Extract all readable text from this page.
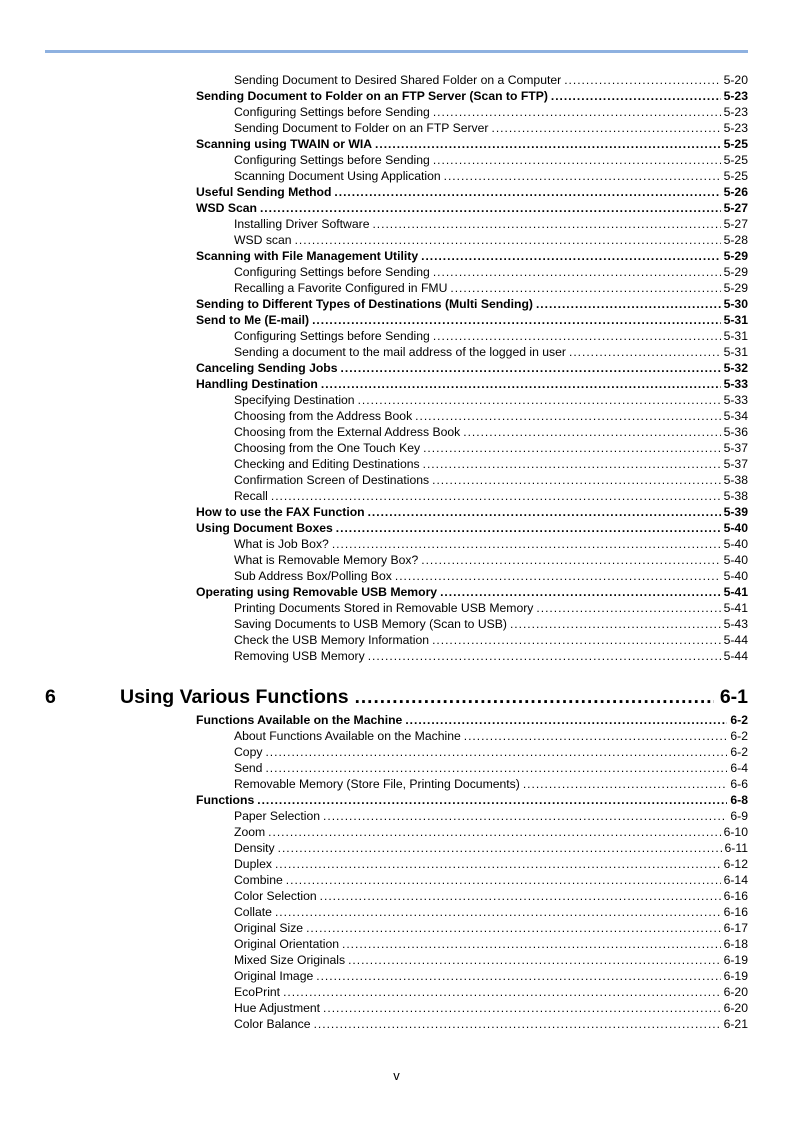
Sending Document to Desired Shared Folder on a Computer .....	5-20
Sending Document to Folder on an FTP Server (Scan to FTP) .....	5-23
Configuring Settings before Sending .....	5-23
Sending Document to Folder on an FTP Server .....	5-23
Scanning using TWAIN or WIA .....	5-25
Configuring Settings before Sending .....	5-25
Scanning Document Using Application .....	5-25
Useful Sending Method .....	5-26
WSD Scan .....	5-27
Installing Driver Software .....	5-27
WSD scan .....	5-28
Scanning with File Management Utility .....	5-29
Configuring Settings before Sending .....	5-29
Recalling a Favorite Configured in FMU .....	5-29
Sending to Different Types of Destinations (Multi Sending) .....	5-30
Send to Me (E-mail) .....	5-31
Configuring Settings before Sending .....	5-31
Sending a document to the mail address of the logged in user .....	5-31
Canceling Sending Jobs .....	5-32
Handling Destination .....	5-33
Specifying Destination .....	5-33
Choosing from the Address Book .....	5-34
Choosing from the External Address Book .....	5-36
Choosing from the One Touch Key .....	5-37
Checking and Editing Destinations .....	5-37
Confirmation Screen of Destinations .....	5-38
Recall .....	5-38
How to use the FAX Function .....	5-39
Using Document Boxes .....	5-40
What is Job Box? .....	5-40
What is Removable Memory Box? .....	5-40
Sub Address Box/Polling Box .....	5-40
Operating using Removable USB Memory .....	5-41
Printing Documents Stored in Removable USB Memory .....	5-41
Saving Documents to USB Memory (Scan to USB) .....	5-43
Check the USB Memory Information .....	5-44
Removing USB Memory .....	5-44
6	Using Various Functions .....	6-1
Functions Available on the Machine .....	6-2
About Functions Available on the Machine .....	6-2
Copy .....	6-2
Send .....	6-4
Removable Memory (Store File, Printing Documents) .....	6-6
Functions .....	6-8
Paper Selection .....	6-9
Zoom .....	6-10
Density .....	6-11
Duplex .....	6-12
Combine .....	6-14
Color Selection .....	6-16
Collate .....	6-16
Original Size .....	6-17
Original Orientation .....	6-18
Mixed Size Originals .....	6-19
Original Image .....	6-19
EcoPrint .....	6-20
Hue Adjustment .....	6-20
Color Balance .....	6-21
v
